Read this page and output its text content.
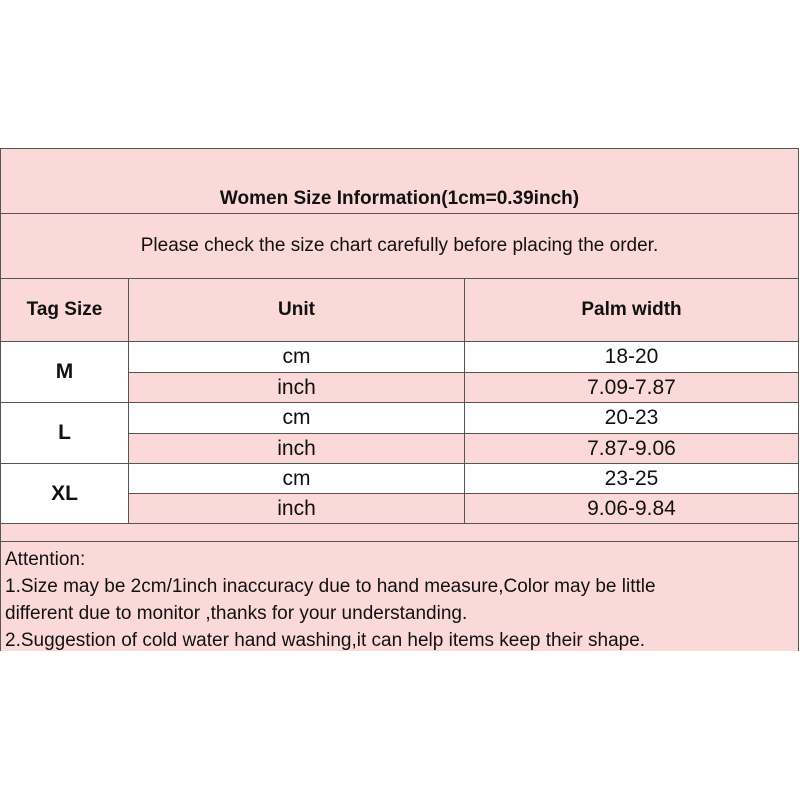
Women Size Information(1cm=0.39inch)
Please check the size chart carefully before placing the order.
Tag Size	Unit	Palm width
M
cm	18-20
inch	7.09-7.87
L
cm	20-23
inch	7.87-9.06
XL
cm	23-25
inch	9.06-9.84
Attention:
1.Size may be 2cm/1inch inaccuracy due to hand measure,Color may be little
different due to monitor ,thanks for your understanding.
2.Suggestion of cold water hand washing,it can help items keep their shape.
